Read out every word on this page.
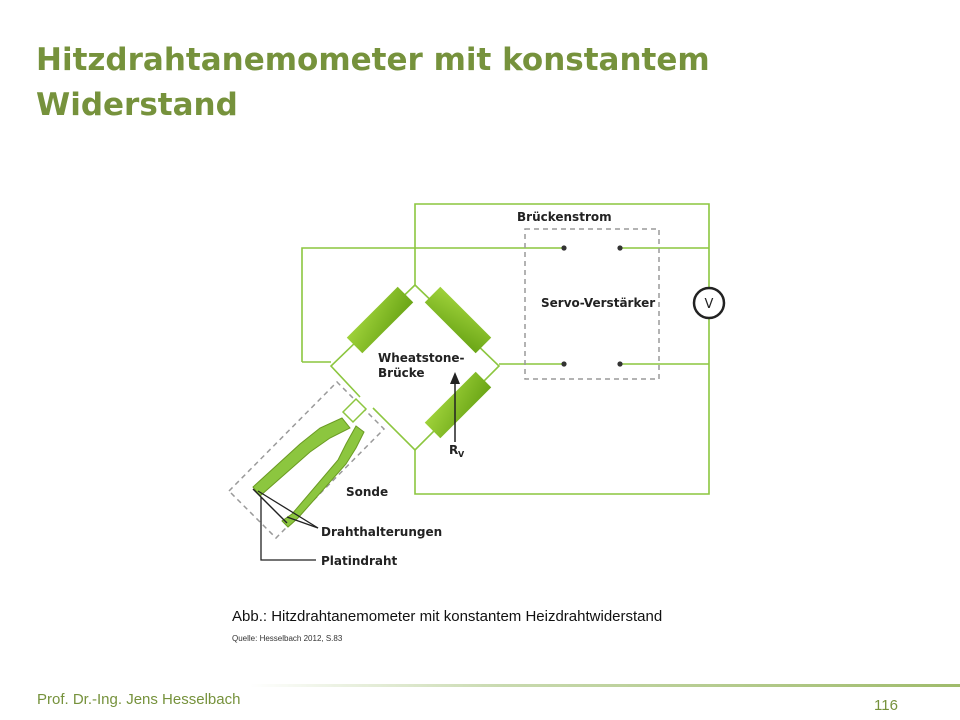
Hitzdrahtanemometer mit konstantem
Widerstand
V
Brückenstrom
Servo-Verstärker
Wheatstone-
Brücke
R V
Sonde
Drahthalterungen
Platindraht
Abb.: Hitzdrahtanemometer mit konstantem Heizdrahtwiderstand
Quelle: Hesselbach 2012, S.83
Prof. Dr.-Ing. Jens Hesselbach	116
